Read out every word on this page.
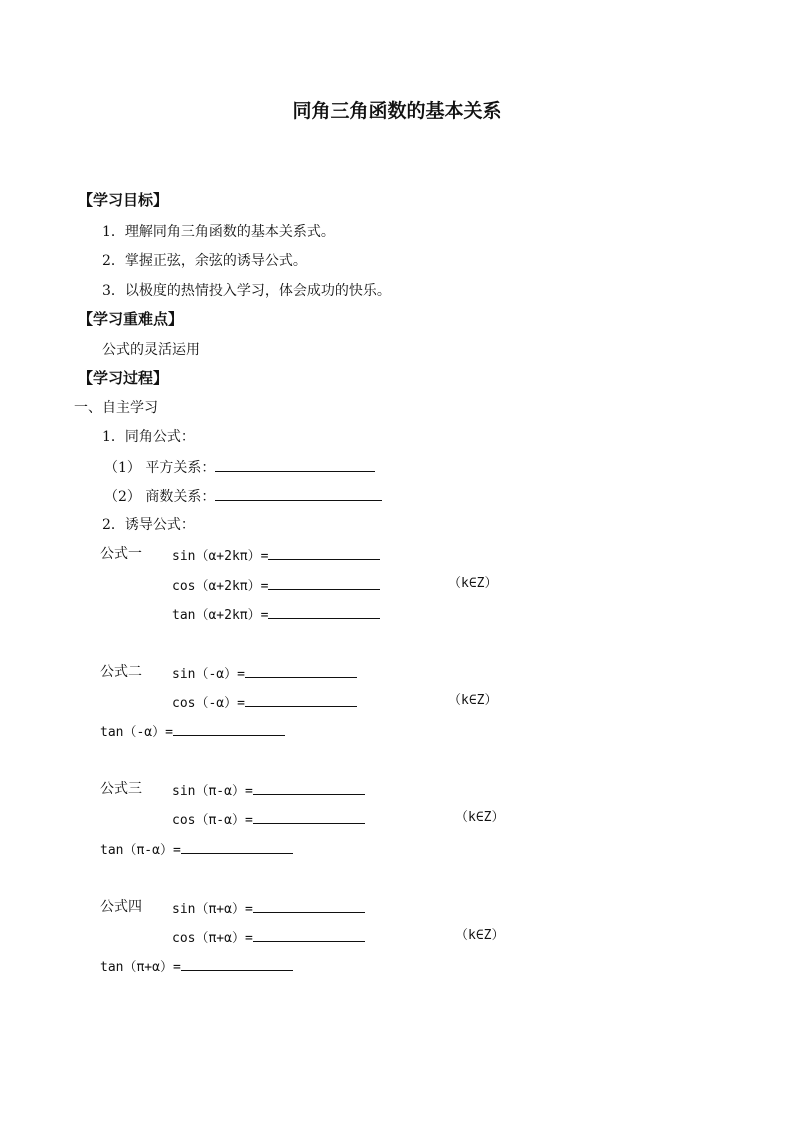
同角三角函数的基本关系
【学习目标】
1．理解同角三角函数的基本关系式。
2．掌握正弦，余弦的诱导公式。
3．以极度的热情投入学习，体会成功的快乐。
【学习重难点】
公式的灵活运用
【学习过程】
一、自主学习
1．同角公式：
（1） 平方关系：
（2） 商数关系：
2．诱导公式：
公式一 sin（α+2kπ）=
cos（α+2kπ）=	（k∈Z）
tan（α+2kπ）=
公式二 sin（-α）=
cos（-α）=	（k∈Z）
tan（-α）=
公式三 sin（π-α）=
cos（π-α）=	（k∈Z）
tan（π-α）=
公式四 sin（π+α）=
cos（π+α）=	（k∈Z）
tan（π+α）=
